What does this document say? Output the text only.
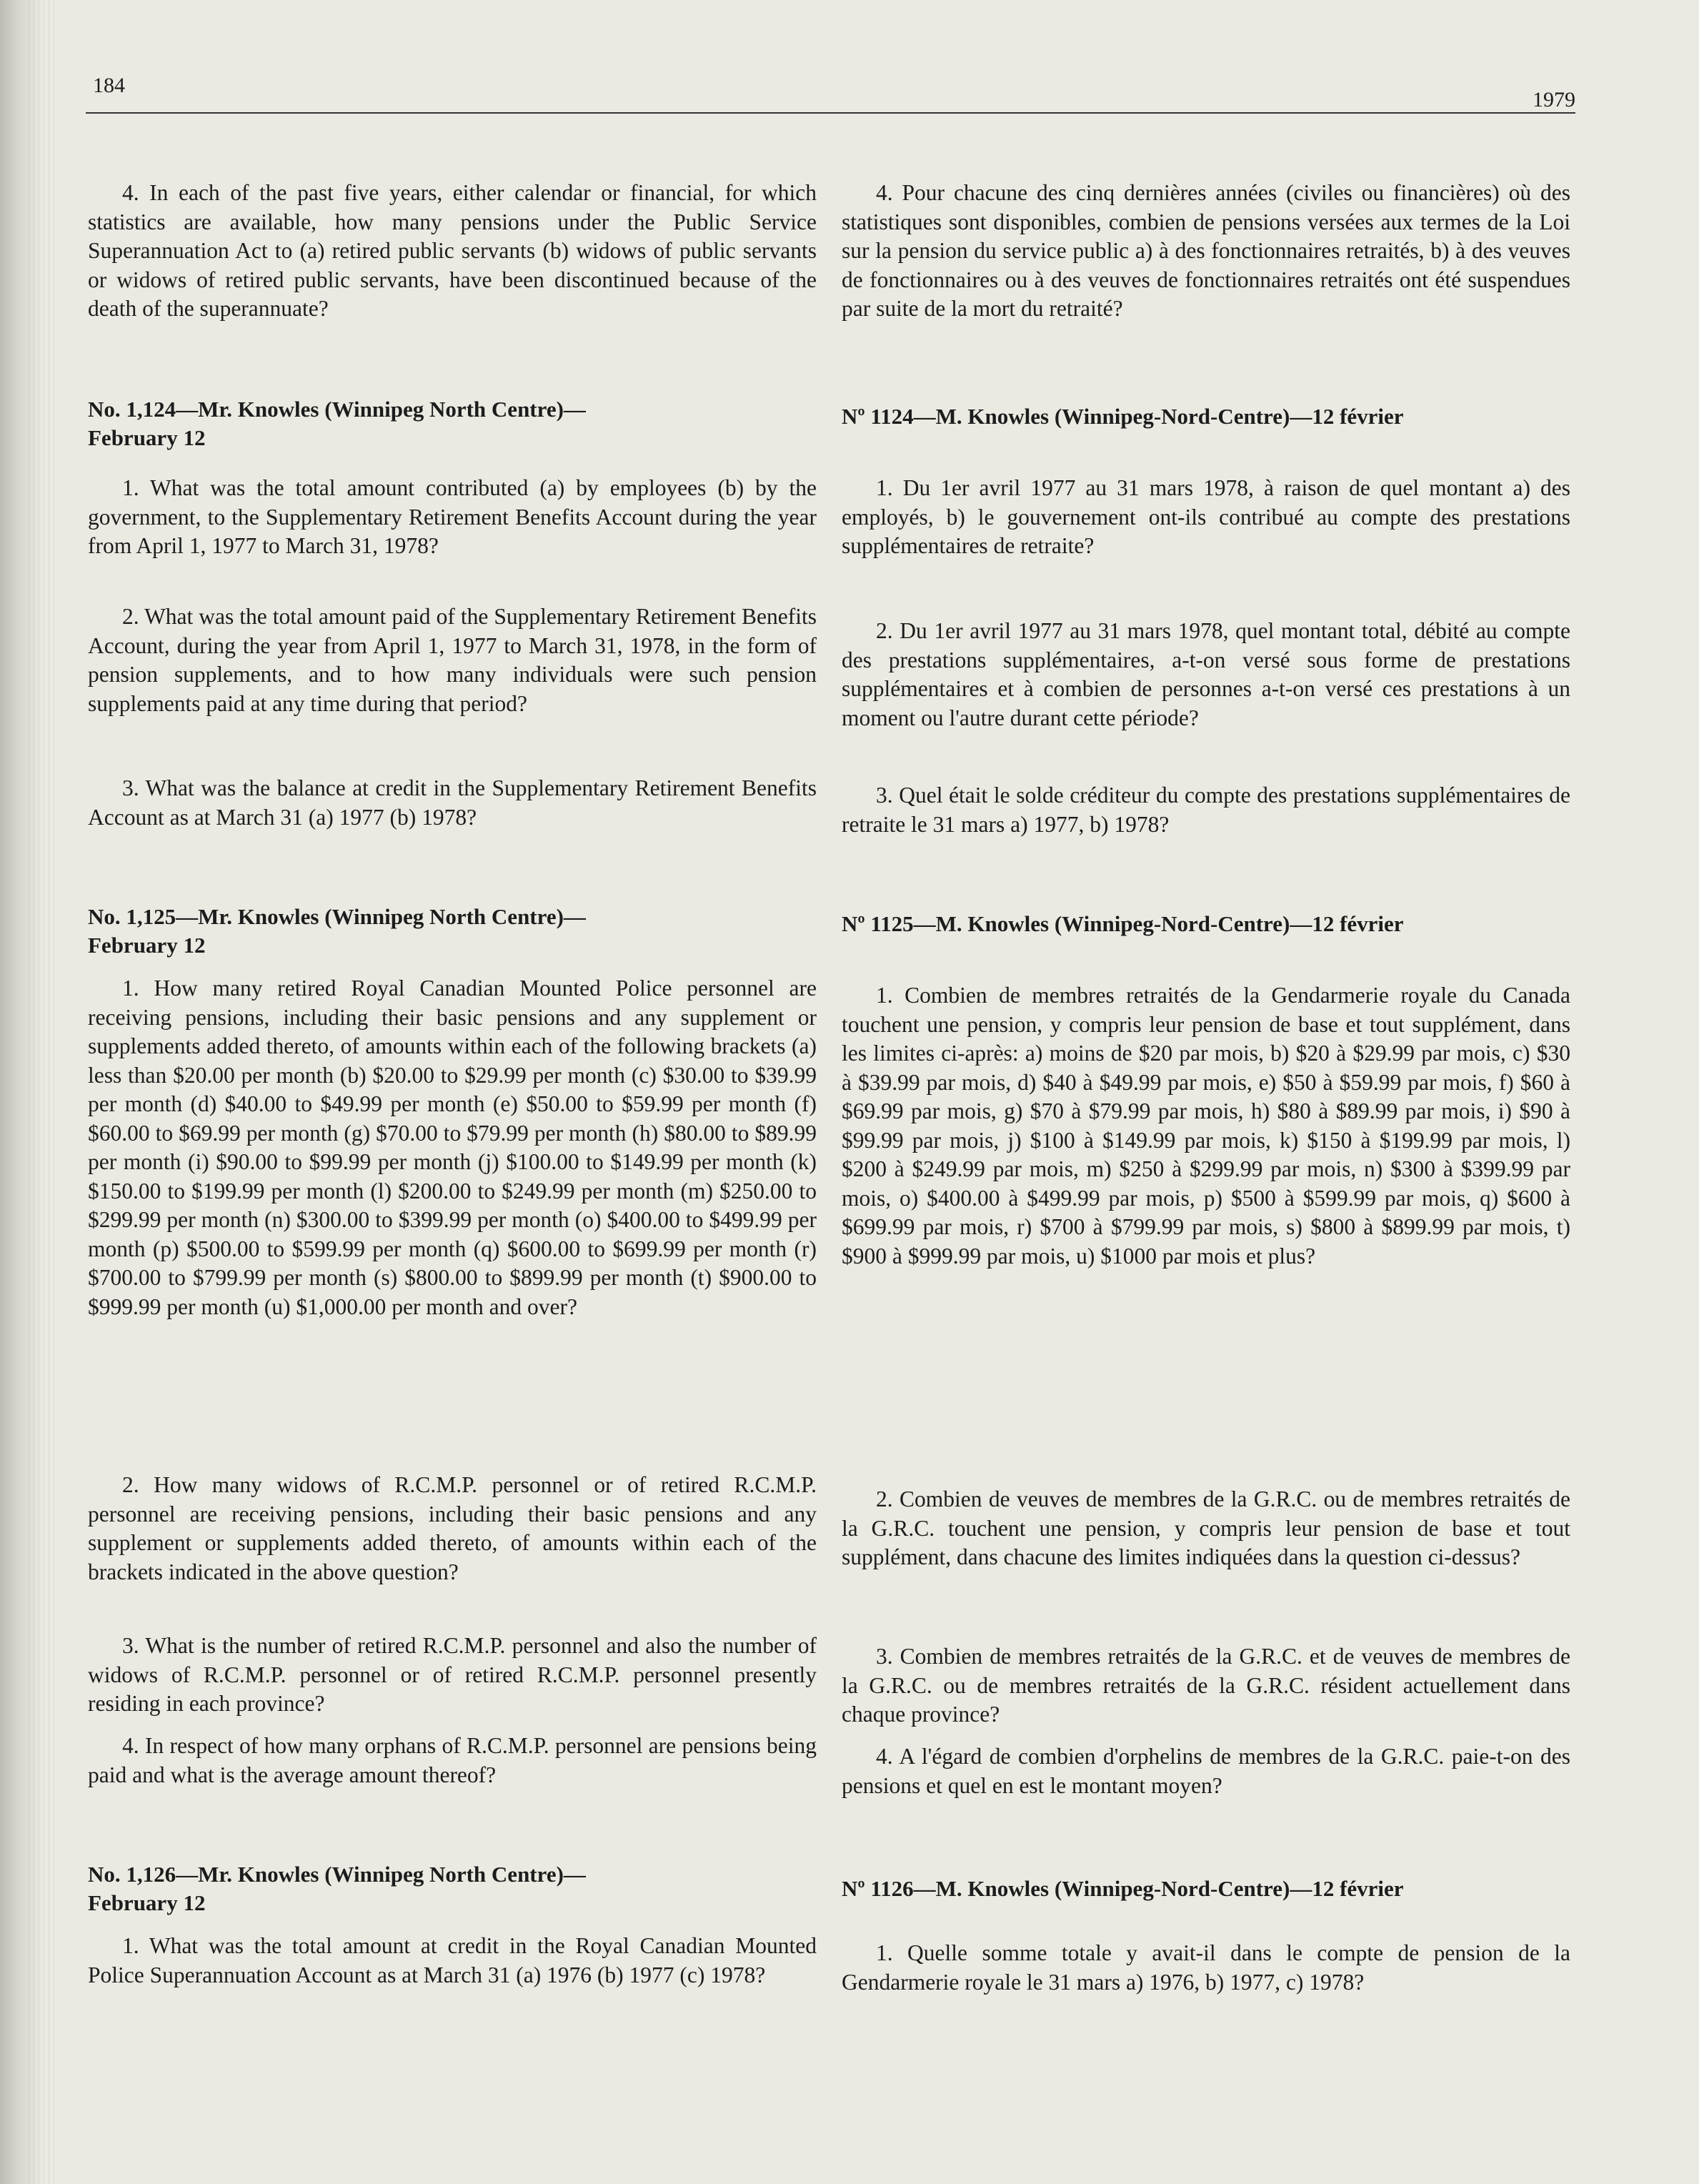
184
1979

4. In each of the past five years, either calendar or financial, for which statistics are available, how many pensions under the Public Service Superannuation Act to (a) retired public servants (b) widows of public servants or widows of retired public servants, have been discontinued because of the death of the superannuate?

No. 1,124—Mr. Knowles (Winnipeg North Centre)—
February 12

1. What was the total amount contributed (a) by employees (b) by the government, to the Supplementary Retirement Benefits Account during the year from April 1, 1977 to March 31, 1978?

2. What was the total amount paid of the Supplementary Retirement Benefits Account, during the year from April 1, 1977 to March 31, 1978, in the form of pension supplements, and to how many individuals were such pension supplements paid at any time during that period?

3. What was the balance at credit in the Supplementary Retirement Benefits Account as at March 31 (a) 1977 (b) 1978?

No. 1,125—Mr. Knowles (Winnipeg North Centre)—
February 12

1. How many retired Royal Canadian Mounted Police personnel are receiving pensions, including their basic pensions and any supplement or supplements added thereto, of amounts within each of the following brackets (a) less than $20.00 per month (b) $20.00 to $29.99 per month (c) $30.00 to $39.99 per month (d) $40.00 to $49.99 per month (e) $50.00 to $59.99 per month (f) $60.00 to $69.99 per month (g) $70.00 to $79.99 per month (h) $80.00 to $89.99 per month (i) $90.00 to $99.99 per month (j) $100.00 to $149.99 per month (k) $150.00 to $199.99 per month (l) $200.00 to $249.99 per month (m) $250.00 to $299.99 per month (n) $300.00 to $399.99 per month (o) $400.00 to $499.99 per month (p) $500.00 to $599.99 per month (q) $600.00 to $699.99 per month (r) $700.00 to $799.99 per month (s) $800.00 to $899.99 per month (t) $900.00 to $999.99 per month (u) $1,000.00 per month and over?

2. How many widows of R.C.M.P. personnel or of retired R.C.M.P. personnel are receiving pensions, including their basic pensions and any supplement or supplements added thereto, of amounts within each of the brackets indicated in the above question?

3. What is the number of retired R.C.M.P. personnel and also the number of widows of R.C.M.P. personnel or of retired R.C.M.P. personnel presently residing in each province?

4. In respect of how many orphans of R.C.M.P. personnel are pensions being paid and what is the average amount thereof?

No. 1,126—Mr. Knowles (Winnipeg North Centre)—
February 12

1. What was the total amount at credit in the Royal Canadian Mounted Police Superannuation Account as at March 31 (a) 1976 (b) 1977 (c) 1978?

4. Pour chacune des cinq dernières années (civiles ou financières) où des statistiques sont disponibles, combien de pensions versées aux termes de la Loi sur la pension du service public a) à des fonctionnaires retraités, b) à des veuves de fonctionnaires ou à des veuves de fonctionnaires retraités ont été suspendues par suite de la mort du retraité?

Nº 1124—M. Knowles (Winnipeg-Nord-Centre)—12 février

1. Du 1er avril 1977 au 31 mars 1978, à raison de quel montant a) des employés, b) le gouvernement ont-ils contribué au compte des prestations supplémentaires de retraite?

2. Du 1er avril 1977 au 31 mars 1978, quel montant total, débité au compte des prestations supplémentaires, a-t-on versé sous forme de prestations supplémentaires et à combien de personnes a-t-on versé ces prestations à un moment ou l'autre durant cette période?

3. Quel était le solde créditeur du compte des prestations supplémentaires de retraite le 31 mars a) 1977, b) 1978?

Nº 1125—M. Knowles (Winnipeg-Nord-Centre)—12 février

1. Combien de membres retraités de la Gendarmerie royale du Canada touchent une pension, y compris leur pension de base et tout supplément, dans les limites ci-après: a) moins de $20 par mois, b) $20 à $29.99 par mois, c) $30 à $39.99 par mois, d) $40 à $49.99 par mois, e) $50 à $59.99 par mois, f) $60 à $69.99 par mois, g) $70 à $79.99 par mois, h) $80 à $89.99 par mois, i) $90 à $99.99 par mois, j) $100 à $149.99 par mois, k) $150 à $199.99 par mois, l) $200 à $249.99 par mois, m) $250 à $299.99 par mois, n) $300 à $399.99 par mois, o) $400.00 à $499.99 par mois, p) $500 à $599.99 par mois, q) $600 à $699.99 par mois, r) $700 à $799.99 par mois, s) $800 à $899.99 par mois, t) $900 à $999.99 par mois, u) $1000 par mois et plus?

2. Combien de veuves de membres de la G.R.C. ou de membres retraités de la G.R.C. touchent une pension, y compris leur pension de base et tout supplément, dans chacune des limites indiquées dans la question ci-dessus?

3. Combien de membres retraités de la G.R.C. et de veuves de membres de la G.R.C. ou de membres retraités de la G.R.C. résident actuellement dans chaque province?

4. A l'égard de combien d'orphelins de membres de la G.R.C. paie-t-on des pensions et quel en est le montant moyen?

Nº 1126—M. Knowles (Winnipeg-Nord-Centre)—12 février

1. Quelle somme totale y avait-il dans le compte de pension de la Gendarmerie royale le 31 mars a) 1976, b) 1977, c) 1978?
